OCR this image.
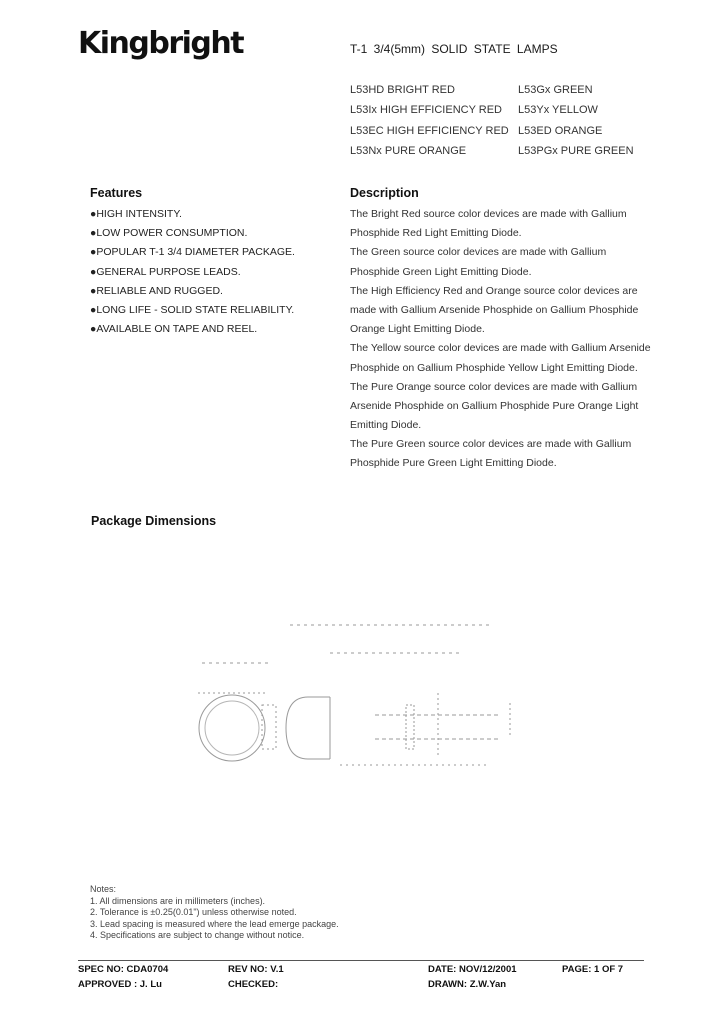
Kingbright	T-1 3/4(5mm) SOLID STATE LAMPS
L53HD BRIGHT RED	L53Gx GREEN
L53Ix HIGH EFFICIENCY RED L53Yx YELLOW
L53EC HIGH EFFICIENCY RED L53ED ORANGE
L53Nx PURE ORANGE	L53PGx PURE GREEN
Features
●HIGH INTENSITY.
●LOW POWER CONSUMPTION.
●POPULAR T-1 3/4 DIAMETER PACKAGE.
●GENERAL PURPOSE LEADS.
●RELIABLE AND RUGGED.
●LONG LIFE - SOLID STATE RELIABILITY.
●AVAILABLE ON TAPE AND REEL.
Description
The Bright Red source color devices are made with Gallium
Phosphide Red Light Emitting Diode.
The Green source color devices are made with Gallium
Phosphide Green Light Emitting Diode.
The High Efficiency Red and Orange source color devices are
made with Gallium Arsenide Phosphide on Gallium Phosphide
Orange Light Emitting Diode.
The Yellow source color devices are made with Gallium Arsenide
Phosphide on Gallium Phosphide Yellow Light Emitting Diode.
The Pure Orange source color devices are made with Gallium
Arsenide Phosphide on Gallium Phosphide Pure Orange Light
Emitting Diode.
The Pure Green source color devices are made with Gallium
Phosphide Pure Green Light Emitting Diode.
Package Dimensions
Notes:
1. All dimensions are in millimeters (inches).
2. Tolerance is ±0.25(0.01") unless otherwise noted.
3. Lead spacing is measured where the lead emerge package.
4. Specifications are subject to change without notice.
SPEC NO: CDA0704	REV NO: V.1	DATE: NOV/12/2001	PAGE: 1 OF 7
APPROVED : J. Lu	CHECKED:	DRAWN: Z.W.Yan
